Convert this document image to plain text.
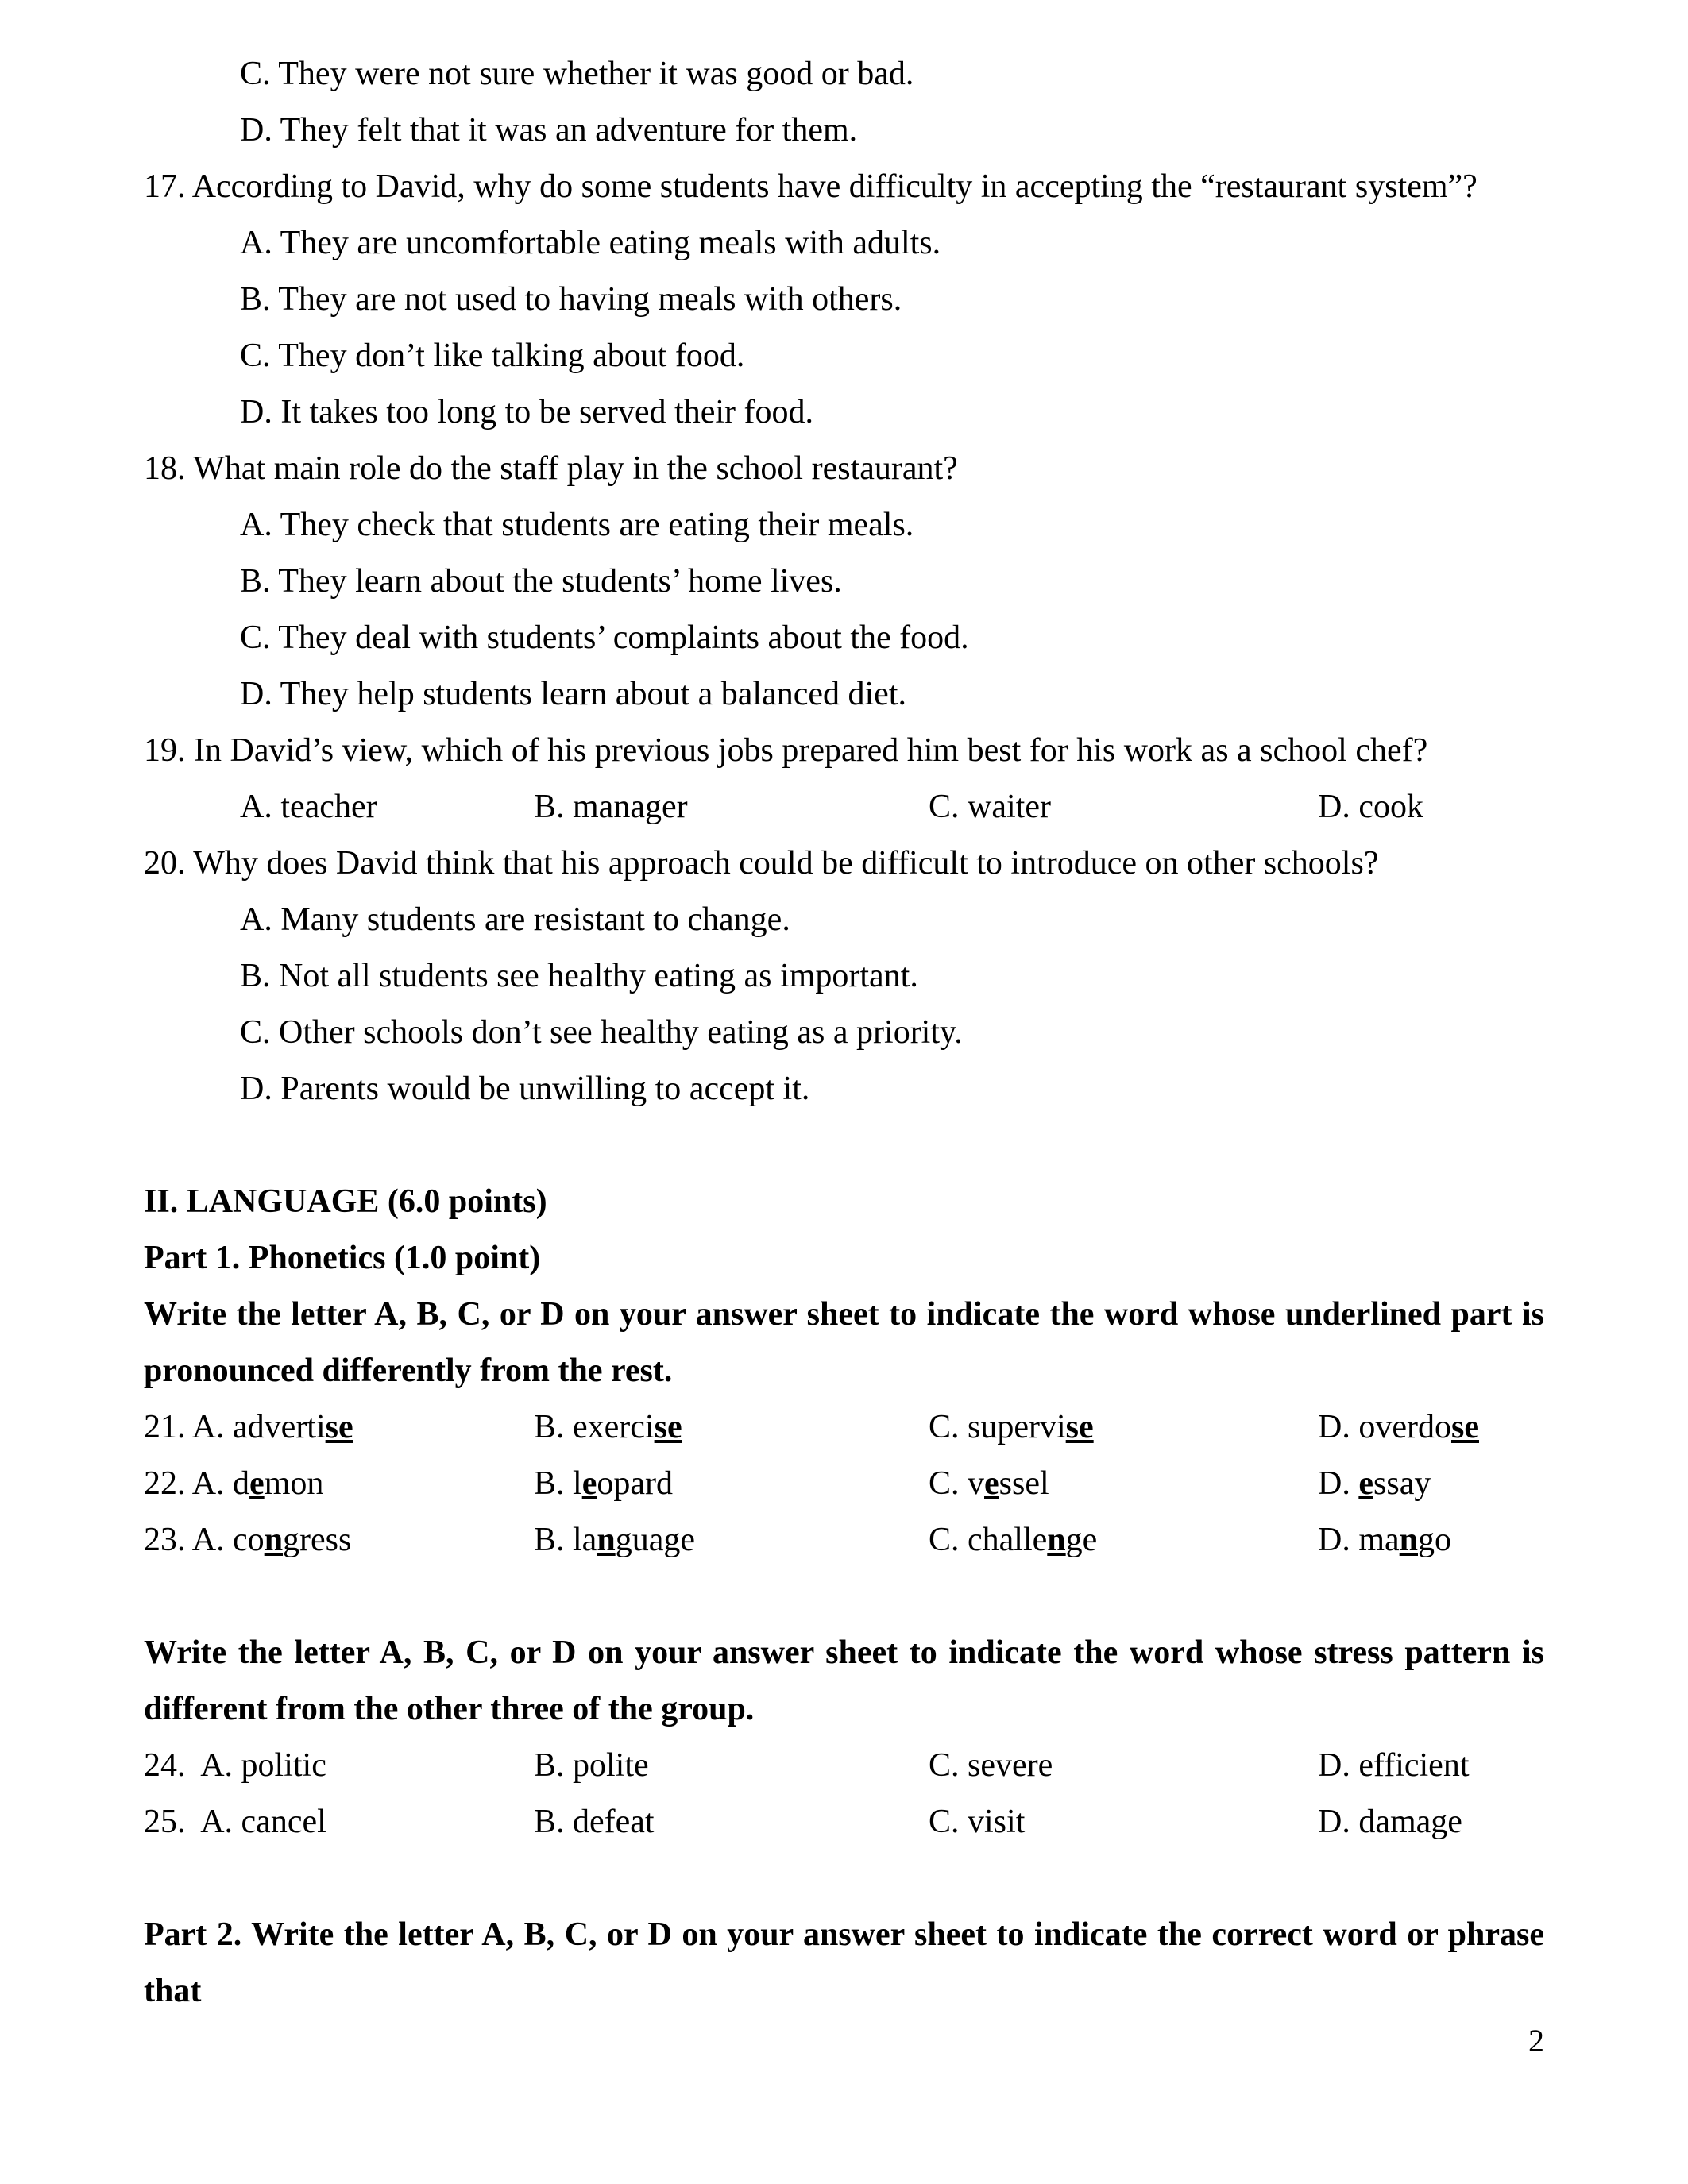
C. They were not sure whether it was good or bad.

D. They felt that it was an adventure for them.

17. According to David, why do some students have difficulty in accepting the “restaurant system”?

A. They are uncomfortable eating meals with adults.

B. They are not used to having meals with others.

C. They don’t like talking about food.

D. It takes too long to be served their food.

18. What main role do the staff play in the school restaurant?

A. They check that students are eating their meals.

B. They learn about the students’ home lives.

C. They deal with students’ complaints about the food.

D. They help students learn about a balanced diet.

19. In David’s view, which of his previous jobs prepared him best for his work as a school chef?

A. teacher	B. manager	C. waiter	D. cook

20. Why does David think that his approach could be difficult to introduce on other schools?

A. Many students are resistant to change.

B. Not all students see healthy eating as important.

C. Other schools don’t see healthy eating as a priority.

D. Parents would be unwilling to accept it.

II. LANGUAGE (6.0 points)

Part 1. Phonetics (1.0 point)

Write the letter A, B, C, or D on your answer sheet to indicate the word whose underlined part is pronounced differently from the rest.

21. A. advertise	B. exercise	C. supervise	D. overdose
22. A. demon	B. leopard	C. vessel	D. essay
23. A. congress	B. language	C. challenge	D. mango

Write the letter A, B, C, or D on your answer sheet to indicate the word whose stress pattern is different from the other three of the group.

24. A. politic	B. polite	C. severe	D. efficient
25. A. cancel	B. defeat	C. visit	D. damage

Part 2. Write the letter A, B, C, or D on your answer sheet to indicate the correct word or phrase that

2
